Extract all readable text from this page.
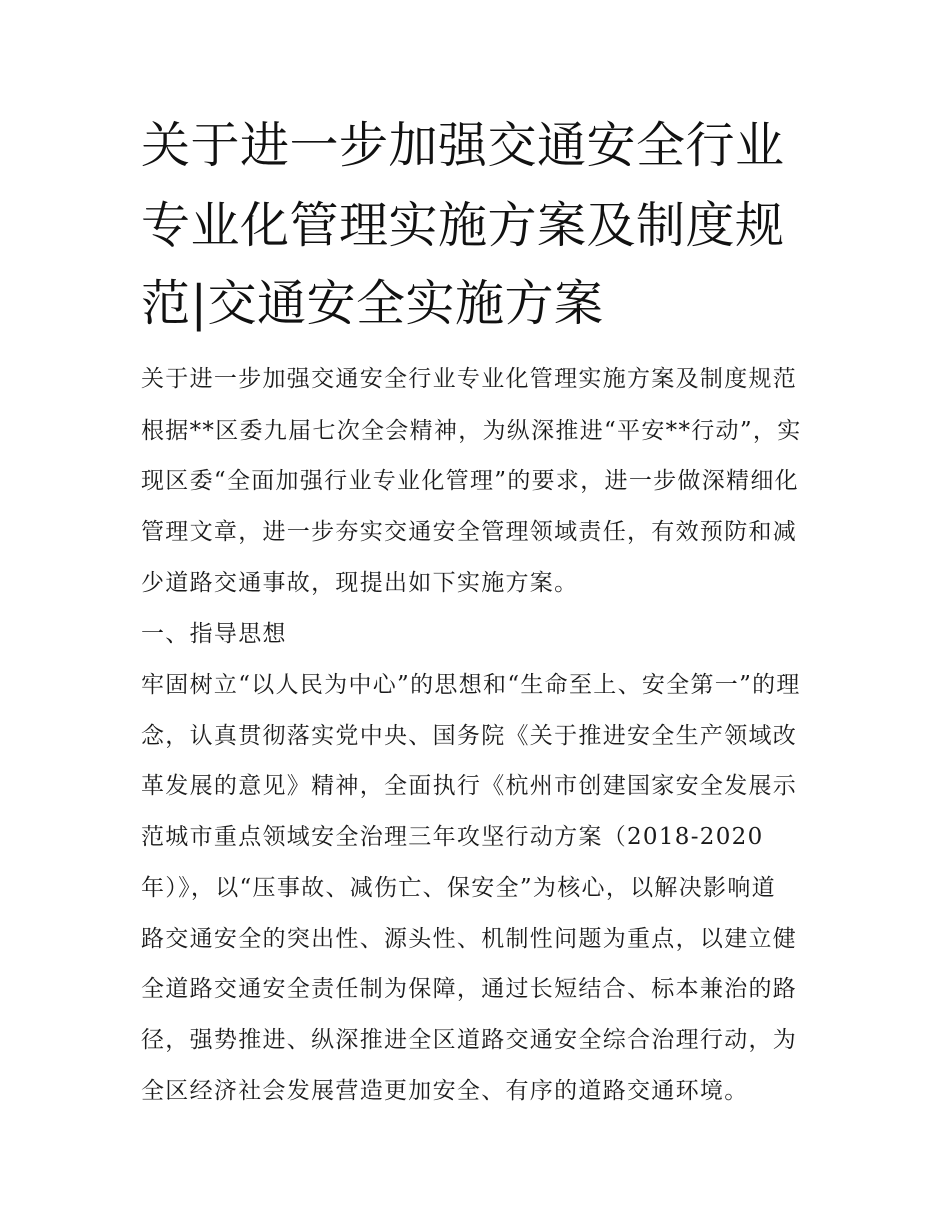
关于进一步加强交通安全行业
专业化管理实施方案及制度规
范|交通安全实施方案
关于进一步加强交通安全行业专业化管理实施方案及制度规范
根据**区委九届七次全会精神，为纵深推进“平安**行动”，实
现区委“全面加强行业专业化管理”的要求，进一步做深精细化
管理文章，进一步夯实交通安全管理领域责任，有效预防和减
少道路交通事故，现提出如下实施方案。
一、指导思想
牢固树立“以人民为中心”的思想和“生命至上、安全第一”的理
念，认真贯彻落实党中央、国务院《关于推进安全生产领域改
革发展的意见》精神，全面执行《杭州市创建国家安全发展示
范城市重点领域安全治理三年攻坚行动方案（2018-2020
年）》，以“压事故、减伤亡、保安全”为核心，以解决影响道
路交通安全的突出性、源头性、机制性问题为重点，以建立健
全道路交通安全责任制为保障，通过长短结合、标本兼治的路
径，强势推进、纵深推进全区道路交通安全综合治理行动，为
全区经济社会发展营造更加安全、有序的道路交通环境。
